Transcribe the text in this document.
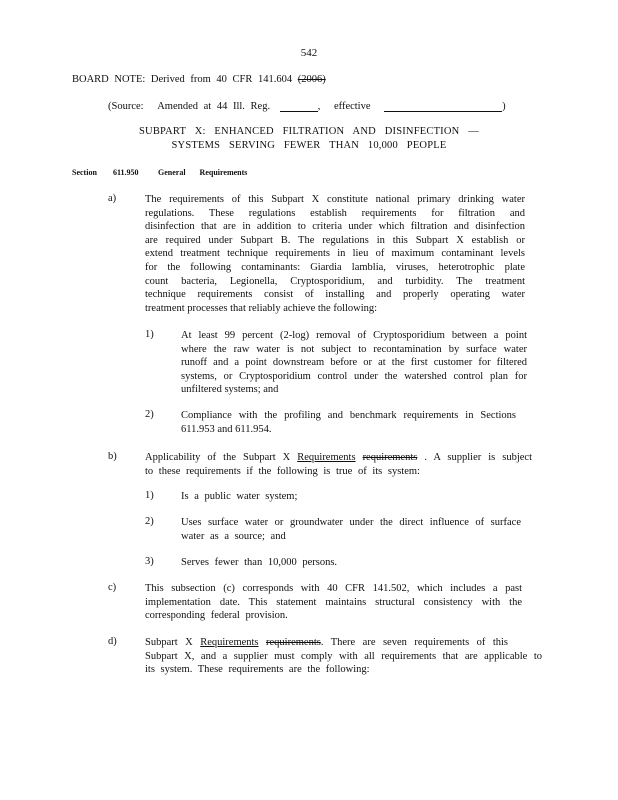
542
BOARD NOTE: Derived from 40 CFR 141.604 (2006)
(Source: Amended at 44 Ill. Reg.	, effective	)
SUBPART X: ENHANCED FILTRATION AND DISINFECTION —
SYSTEMS SERVING FEWER THAN 10,000 PEOPLE
Section 611.950 General Requirements
a)	The requirements of this Subpart X constitute national primary drinking water
regulations. These regulations establish requirements for filtration and
disinfection that are in addition to criteria under which filtration and disinfection
are required under Subpart B. The regulations in this Subpart X establish or
extend treatment technique requirements in lieu of maximum contaminant levels
for the following contaminants: Giardia lamblia, viruses, heterotrophic plate
count bacteria, Legionella, Cryptosporidium, and turbidity. The treatment
technique requirements consist of installing and properly operating water
treatment processes that reliably achieve the following:
1)	At least 99 percent (2-log) removal of Cryptosporidium between a point
where the raw water is not subject to recontamination by surface water
runoff and a point downstream before or at the first customer for filtered
systems, or Cryptosporidium control under the watershed control plan for
unfiltered systems; and
2)	Compliance with the profiling and benchmark requirements in Sections
611.953 and 611.954.
b)	Applicability of the Subpart X Requirements requirements . A supplier is subject
to these requirements if the following is true of its system:
1)	Is a public water system;
2)	Uses surface water or groundwater under the direct influence of surface
water as a source; and
3)	Serves fewer than 10,000 persons.
c)	This subsection (c) corresponds with 40 CFR 141.502, which includes a past
implementation date. This statement maintains structural consistency with the
corresponding federal provision.
d)	Subpart X Requirements requirements. There are seven requirements of this
Subpart X, and a supplier must comply with all requirements that are applicable to
its system. These requirements are the following:
